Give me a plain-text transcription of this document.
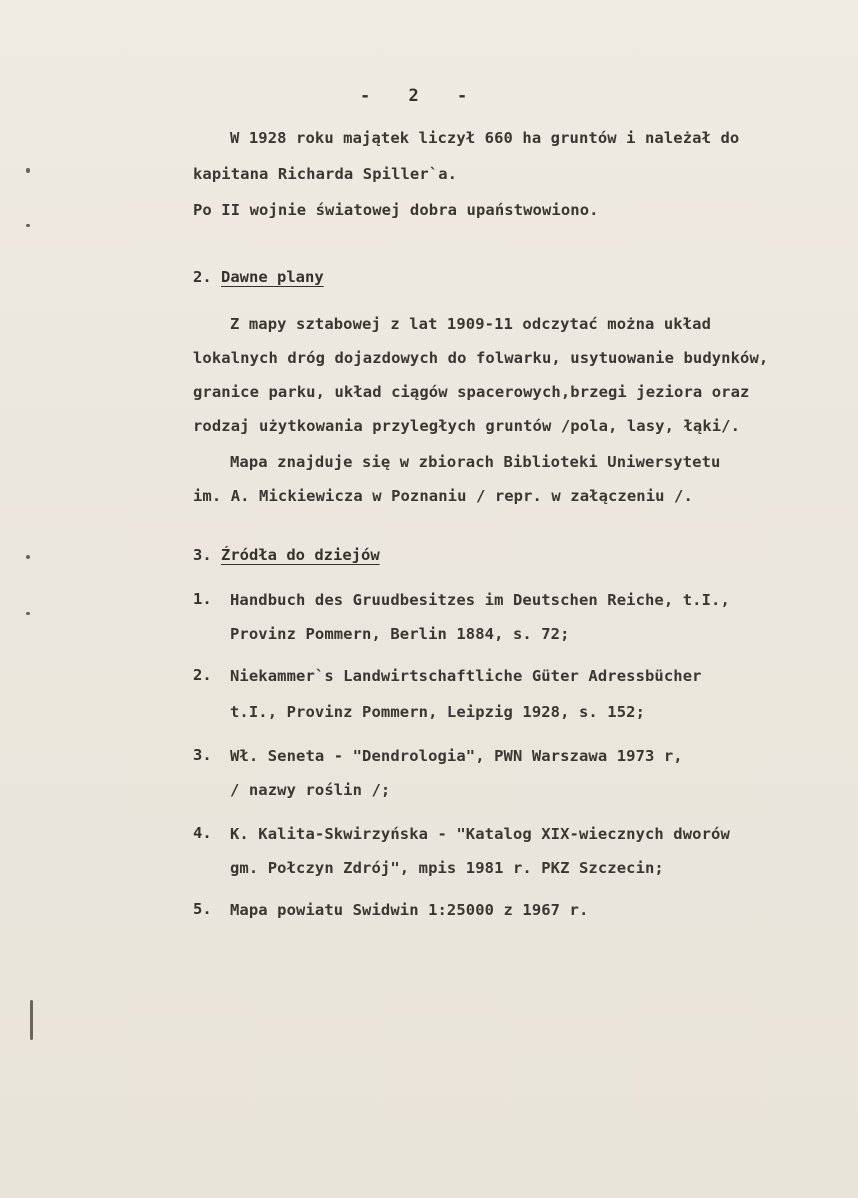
- 2 -
W 1928 roku majątek liczył 660 ha gruntów i należał do
kapitana Richarda Spiller`a.
Po II wojnie światowej dobra upaństwowiono.
2. Dawne plany
Z mapy sztabowej z lat 1909-11 odczytać można układ
lokalnych dróg dojazdowych do folwarku, usytuowanie budynków,
granice parku, układ ciągów spacerowych,brzegi jeziora oraz
rodzaj użytkowania przyległych gruntów /pola, lasy, łąki/.
Mapa znajduje się w zbiorach Biblioteki Uniwersytetu
im. A. Mickiewicza w Poznaniu / repr. w załączeniu /.
3. Źródła do dziejów
1. Handbuch des Gruudbesitzes im Deutschen Reiche, t.I.,
Provinz Pommern, Berlin 1884, s. 72;
2. Niekammer`s Landwirtschaftliche Güter Adressbücher
t.I., Provinz Pommern, Leipzig 1928, s. 152;
3. Wł. Seneta - "Dendrologia", PWN Warszawa 1973 r,
/ nazwy roślin /;
4. K. Kalita-Skwirzyńska - "Katalog XIX-wiecznych dworów
gm. Połczyn Zdrój", mpis 1981 r. PKZ Szczecin;
5. Mapa powiatu Swidwin 1:25000 z 1967 r.
